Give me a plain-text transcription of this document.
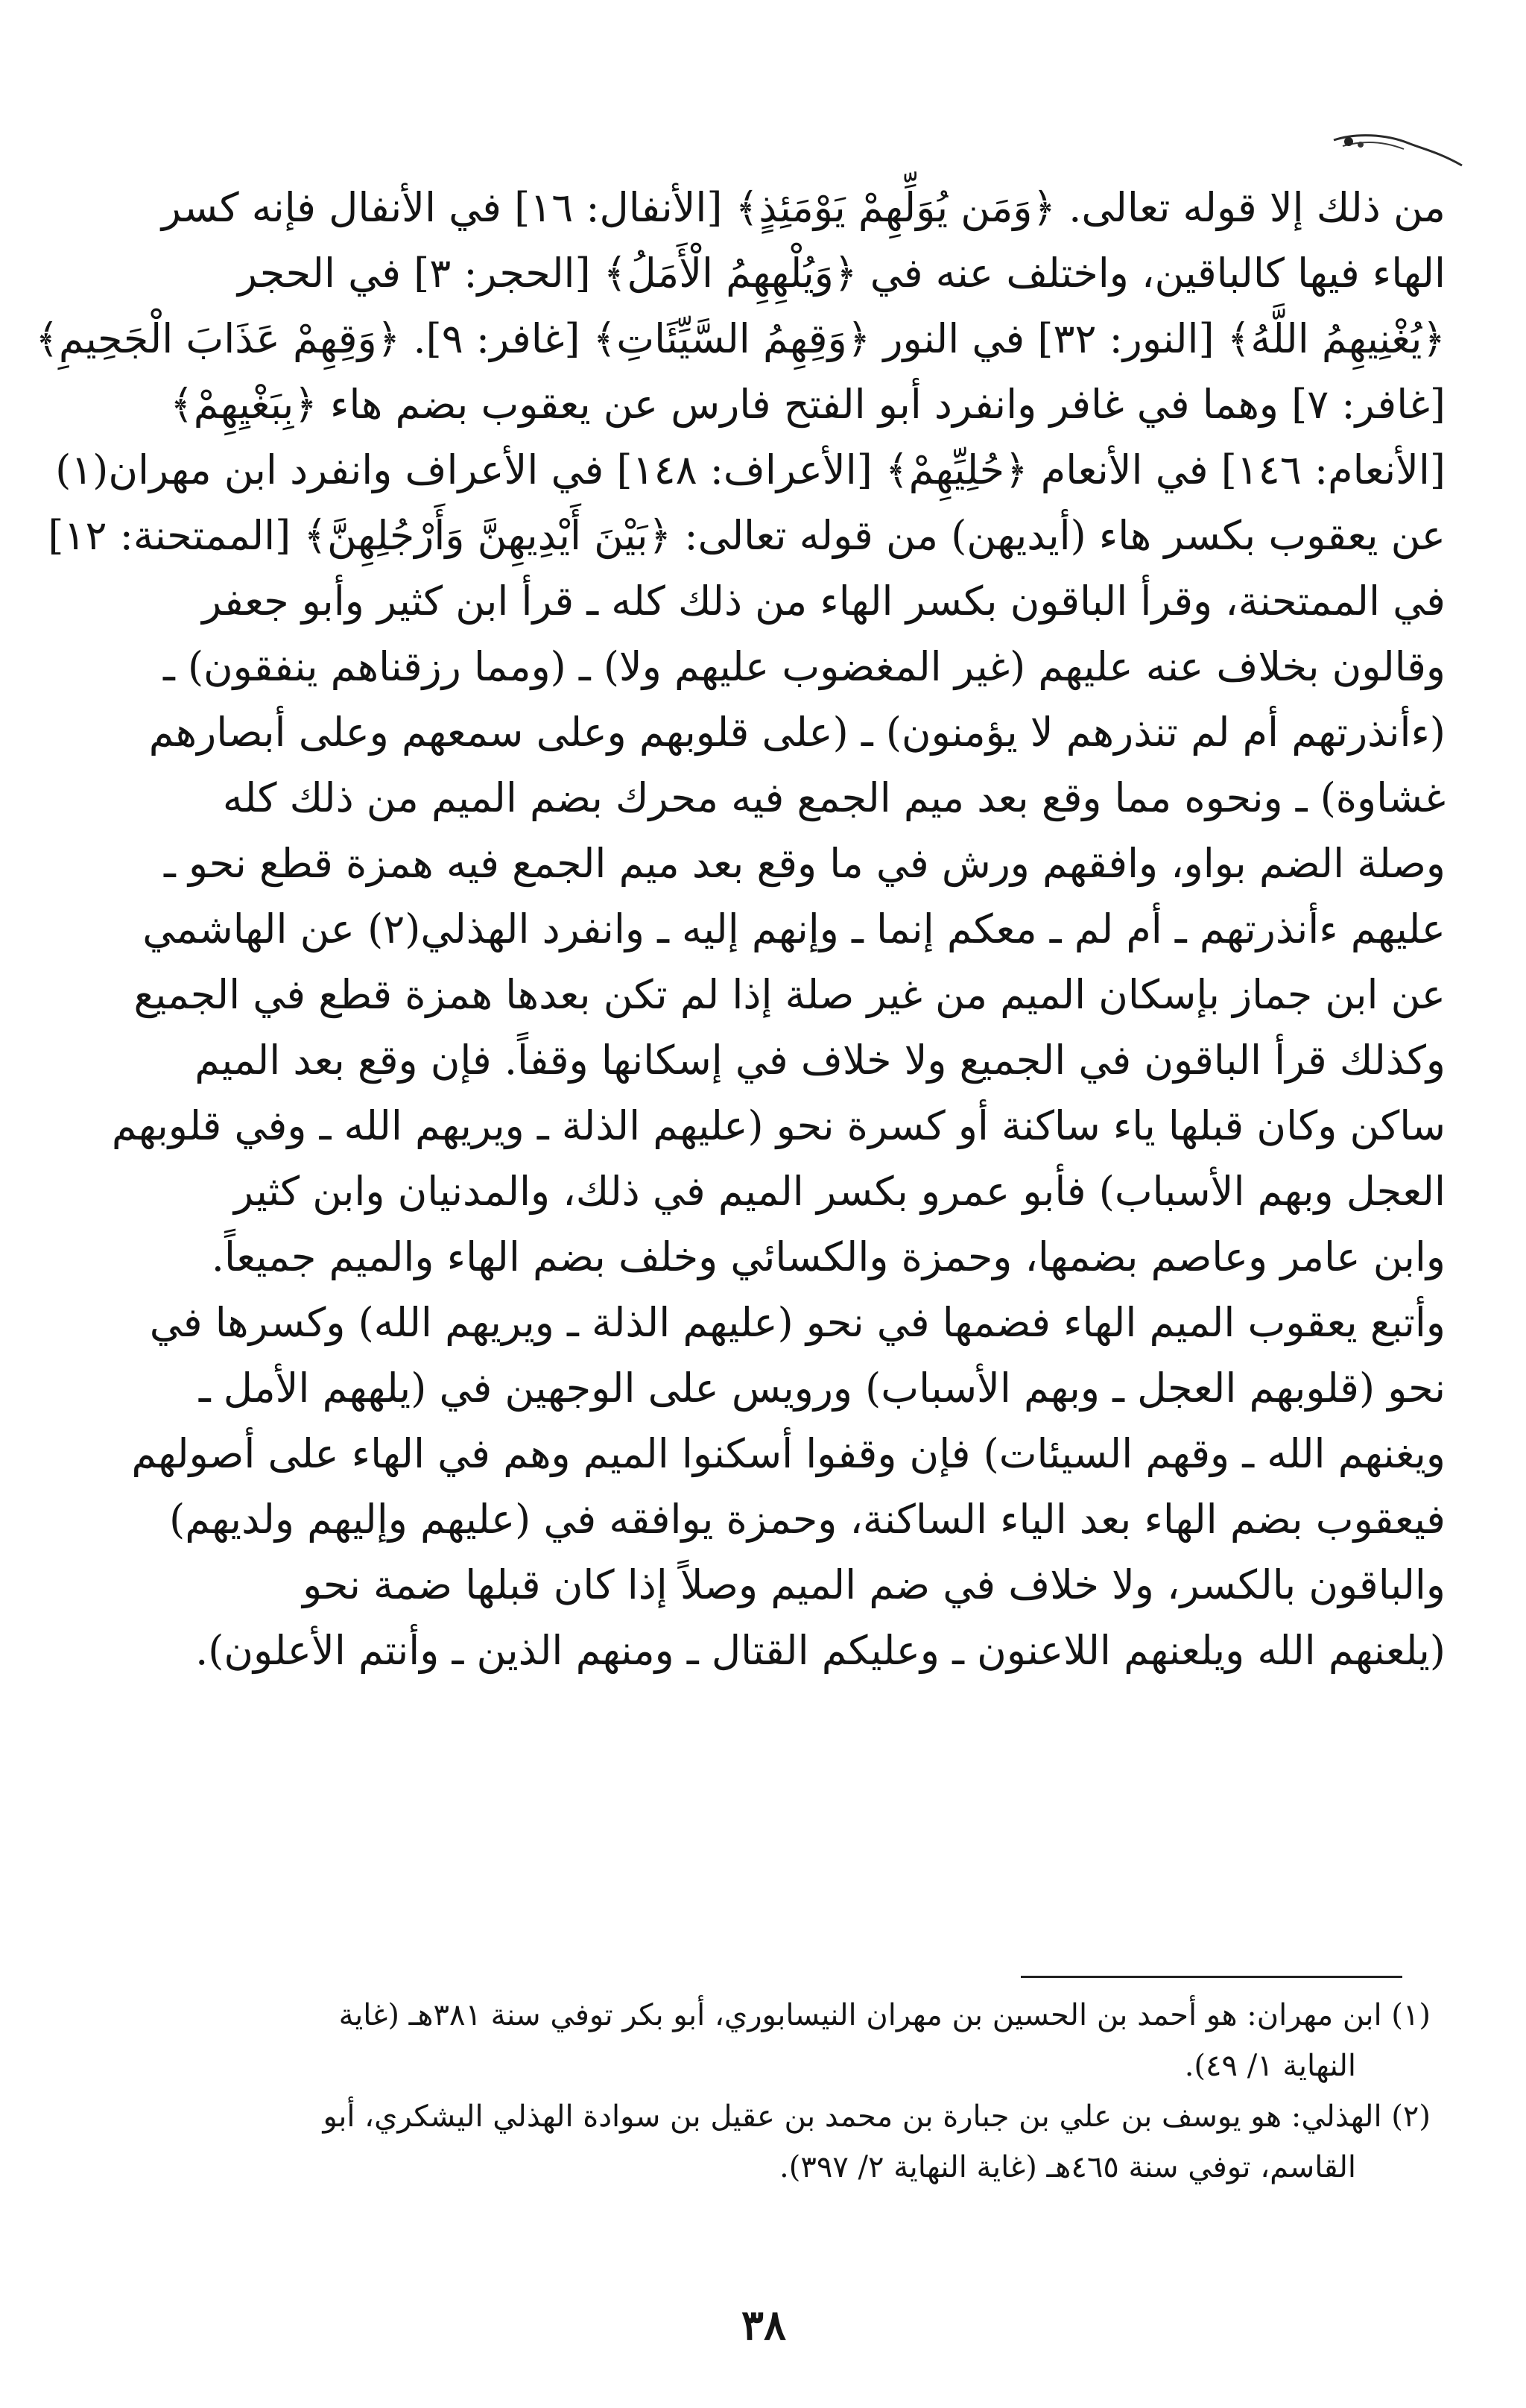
من ذلك إلا قوله تعالى. ﴿وَمَن يُوَلِّهِمْ يَوْمَئِذٍ﴾ [الأنفال: ١٦] في الأنفال فإنه كسر
الهاء فيها كالباقين، واختلف عنه في ﴿وَيُلْهِهِمُ الْأَمَلُ﴾ [الحجر: ٣] في الحجر
﴿يُغْنِيهِمُ اللَّهُ﴾ [النور: ٣٢] في النور ﴿وَقِهِمُ السَّيِّئَاتِ﴾ [غافر: ٩]. ﴿وَقِهِمْ عَذَابَ الْجَحِيمِ﴾
[غافر: ٧] وهما في غافر وانفرد أبو الفتح فارس عن يعقوب بضم هاء ﴿بِبَغْيِهِمْ﴾
[الأنعام: ١٤٦] في الأنعام ﴿حُلِيِّهِمْ﴾ [الأعراف: ١٤٨] في الأعراف وانفرد ابن مهران(١)
عن يعقوب بكسر هاء (أيديهن) من قوله تعالى: ﴿بَيْنَ أَيْدِيهِنَّ وَأَرْجُلِهِنَّ﴾ [الممتحنة: ١٢]
في الممتحنة، وقرأ الباقون بكسر الهاء من ذلك كله ـ قرأ ابن كثير وأبو جعفر
وقالون بخلاف عنه عليهم (غير المغضوب عليهم ولا) ـ (ومما رزقناهم ينفقون) ـ
(ءأنذرتهم أم لم تنذرهم لا يؤمنون) ـ (على قلوبهم وعلى سمعهم وعلى أبصارهم
غشاوة) ـ ونحوه مما وقع بعد ميم الجمع فيه محرك بضم الميم من ذلك كله
وصلة الضم بواو، وافقهم ورش في ما وقع بعد ميم الجمع فيه همزة قطع نحو ـ
عليهم ءأنذرتهم ـ أم لم ـ معكم إنما ـ وإنهم إليه ـ وانفرد الهذلي(٢) عن الهاشمي
عن ابن جماز بإسكان الميم من غير صلة إذا لم تكن بعدها همزة قطع في الجميع
وكذلك قرأ الباقون في الجميع ولا خلاف في إسكانها وقفاً. فإن وقع بعد الميم
ساكن وكان قبلها ياء ساكنة أو كسرة نحو (عليهم الذلة ـ ويريهم الله ـ وفي قلوبهم
العجل وبهم الأسباب) فأبو عمرو بكسر الميم في ذلك، والمدنيان وابن كثير
وابن عامر وعاصم بضمها، وحمزة والكسائي وخلف بضم الهاء والميم جميعاً.
وأتبع يعقوب الميم الهاء فضمها في نحو (عليهم الذلة ـ ويريهم الله) وكسرها في
نحو (قلوبهم العجل ـ وبهم الأسباب) ورويس على الوجهين في (يلههم الأمل ـ
ويغنهم الله ـ وقهم السيئات) فإن وقفوا أسكنوا الميم وهم في الهاء على أصولهم
فيعقوب بضم الهاء بعد الياء الساكنة، وحمزة يوافقه في (عليهم وإليهم ولديهم)
والباقون بالكسر، ولا خلاف في ضم الميم وصلاً إذا كان قبلها ضمة نحو
(يلعنهم الله ويلعنهم اللاعنون ـ وعليكم القتال ـ ومنهم الذين ـ وأنتم الأعلون).
(١) ابن مهران: هو أحمد بن الحسين بن مهران النيسابوري، أبو بكر توفي سنة ٣٨١هـ (غاية
النهاية ١/ ٤٩).
(٢) الهذلي: هو يوسف بن علي بن جبارة بن محمد بن عقيل بن سوادة الهذلي اليشكري، أبو
القاسم، توفي سنة ٤٦٥هـ (غاية النهاية ٢/ ٣٩٧).
٣٨
